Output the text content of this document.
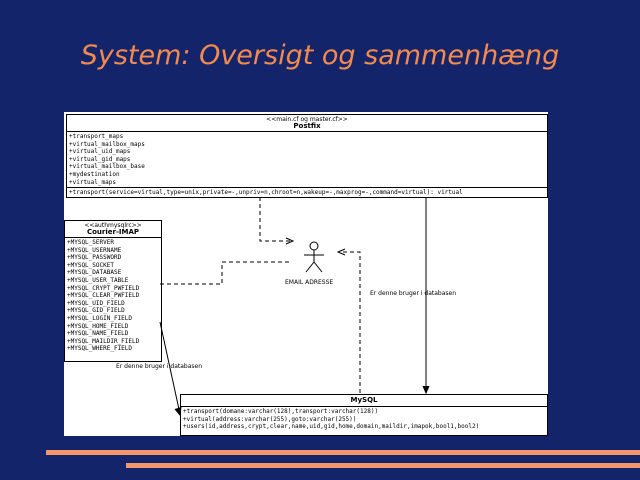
System: Oversigt og sammenhæng
<<main.cf og master.cf>>
Postfix
+transport_maps
+virtual_mailbox_maps
+virtual_uid_maps
+virtual_gid_maps
+virtual_mailbox_base
+mydestination
+virtual_maps
+transport(service=virtual,type=unix,private=-,unpriv=n,chroot=n,wakeup=-,maxprog=-,command=virtual): virtual
<<authmysqlrc>>
Courier-IMAP
+MYSQL_SERVER
+MYSQL_USERNAME
+MYSQL_PASSWORD
+MYSQL_SOCKET
+MYSQL_DATABASE
+MYSQL_USER_TABLE
+MYSQL_CRYPT_PWFIELD
+MYSQL_CLEAR_PWFIELD
+MYSQL_UID_FIELD
+MYSQL_GID_FIELD
+MYSQL_LOGIN_FIELD
+MYSQL_HOME_FIELD
+MYSQL_NAME_FIELD
+MYSQL_MAILDIR_FIELD
+MYSQL_WHERE_FIELD
MySQL
+transport(domane:varchar(128),transport:varchar(128))
+virtual(address:varchar(255),goto:varchar(255))
+users(id,address,crypt,clear,name,uid,gid,home,domain,maildir,imapok,bool1,bool2)
EMAIL ADRESSE
Er denne bruger i databasen
Er denne bruger i databasen
